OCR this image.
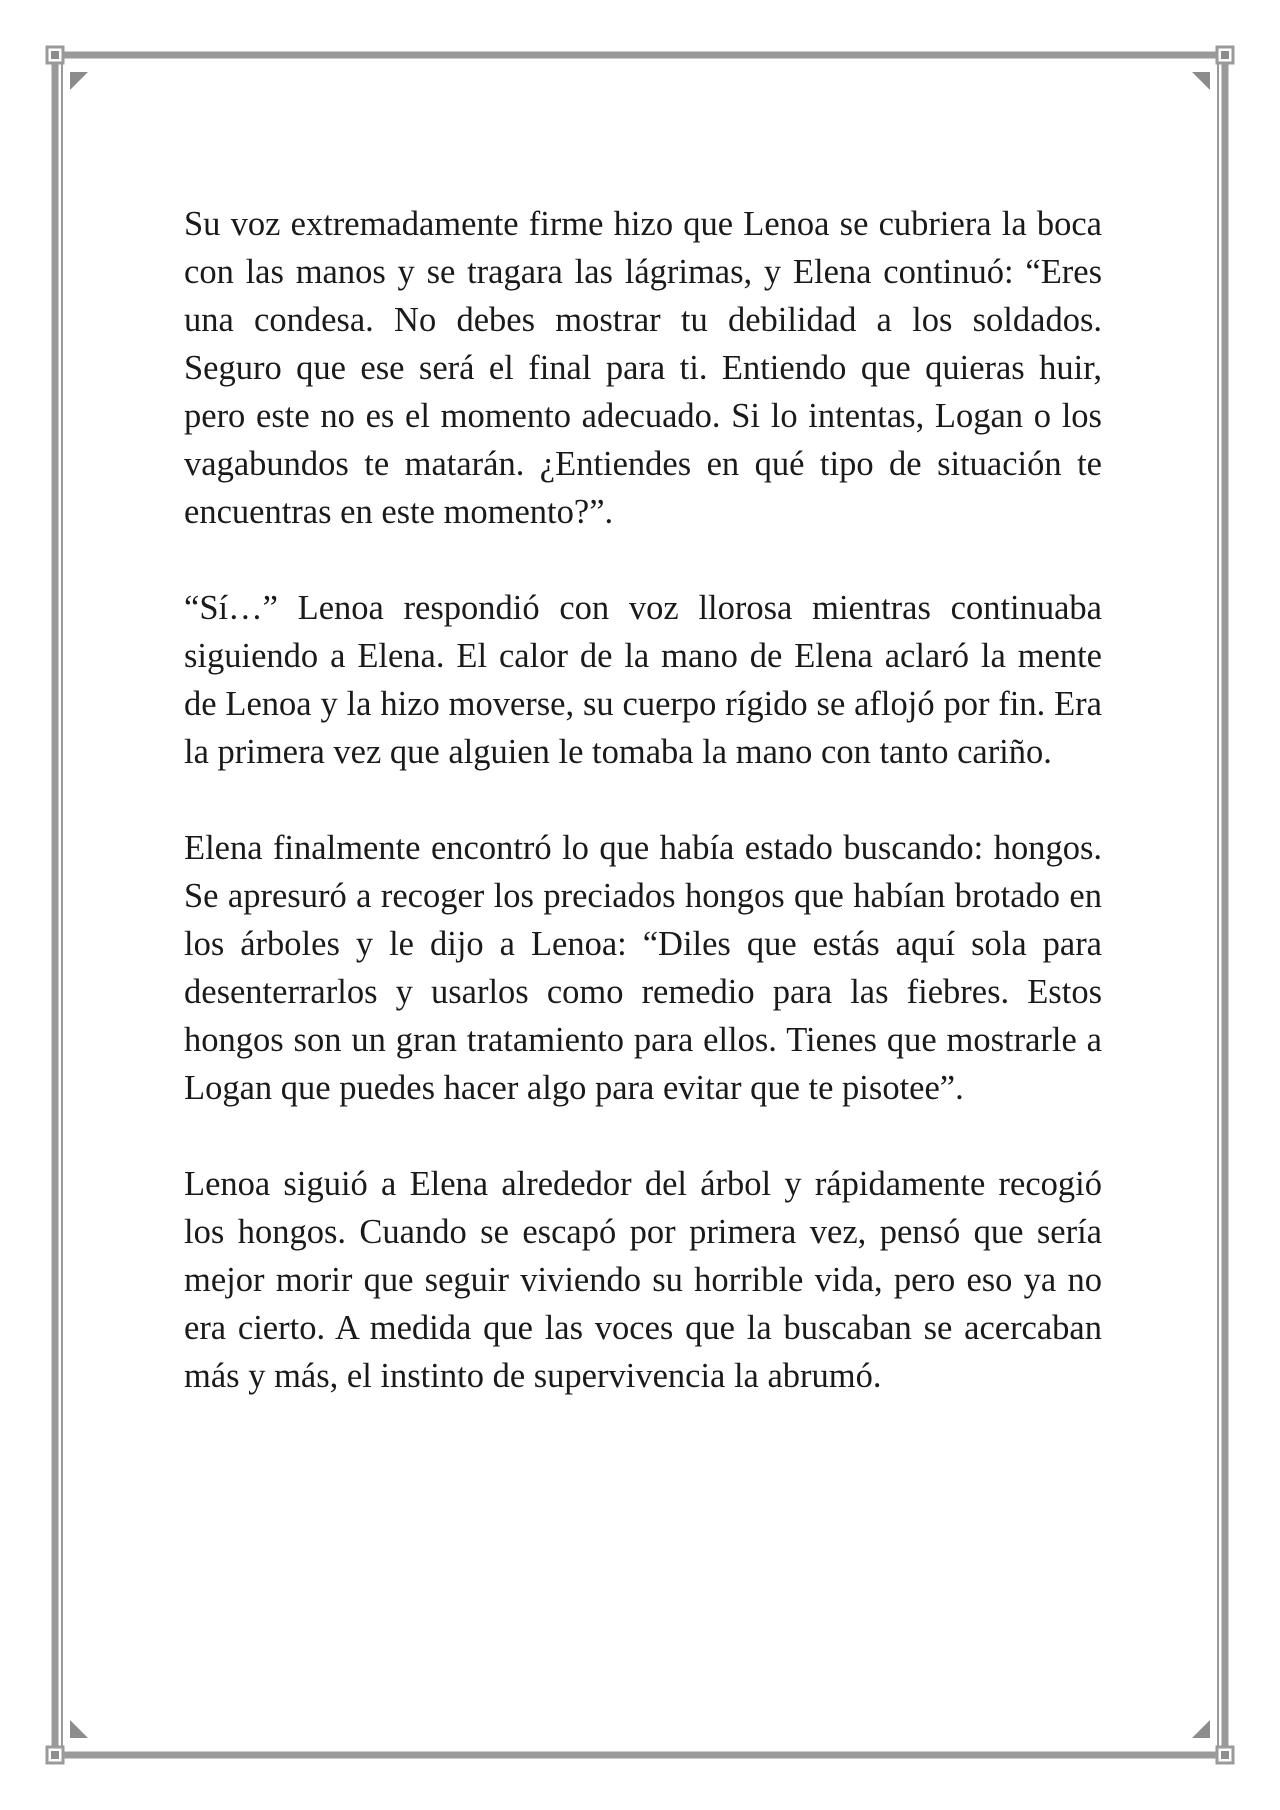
Su voz extremadamente firme hizo que Lenoa se cubriera la boca con las manos y se tragara las lágrimas, y Elena continuó: “Eres una condesa. No debes mostrar tu debilidad a los soldados. Seguro que ese será el final para ti. Entiendo que quieras huir, pero este no es el momento adecuado. Si lo intentas, Logan o los vagabundos te matarán. ¿Entiendes en qué tipo de situación te encuentras en este momento?”.

“Sí…” Lenoa respondió con voz llorosa mientras continuaba siguiendo a Elena. El calor de la mano de Elena aclaró la mente de Lenoa y la hizo moverse, su cuerpo rígido se aflojó por fin. Era la primera vez que alguien le tomaba la mano con tanto cariño.

Elena finalmente encontró lo que había estado buscando: hongos. Se apresuró a recoger los preciados hongos que habían brotado en los árboles y le dijo a Lenoa: “Diles que estás aquí sola para desenterrarlos y usarlos como remedio para las fiebres. Estos hongos son un gran tratamiento para ellos. Tienes que mostrarle a Logan que puedes hacer algo para evitar que te pisotee”.

Lenoa siguió a Elena alrededor del árbol y rápidamente recogió los hongos. Cuando se escapó por primera vez, pensó que sería mejor morir que seguir viviendo su horrible vida, pero eso ya no era cierto. A medida que las voces que la buscaban se acercaban más y más, el instinto de supervivencia la abrumó.
